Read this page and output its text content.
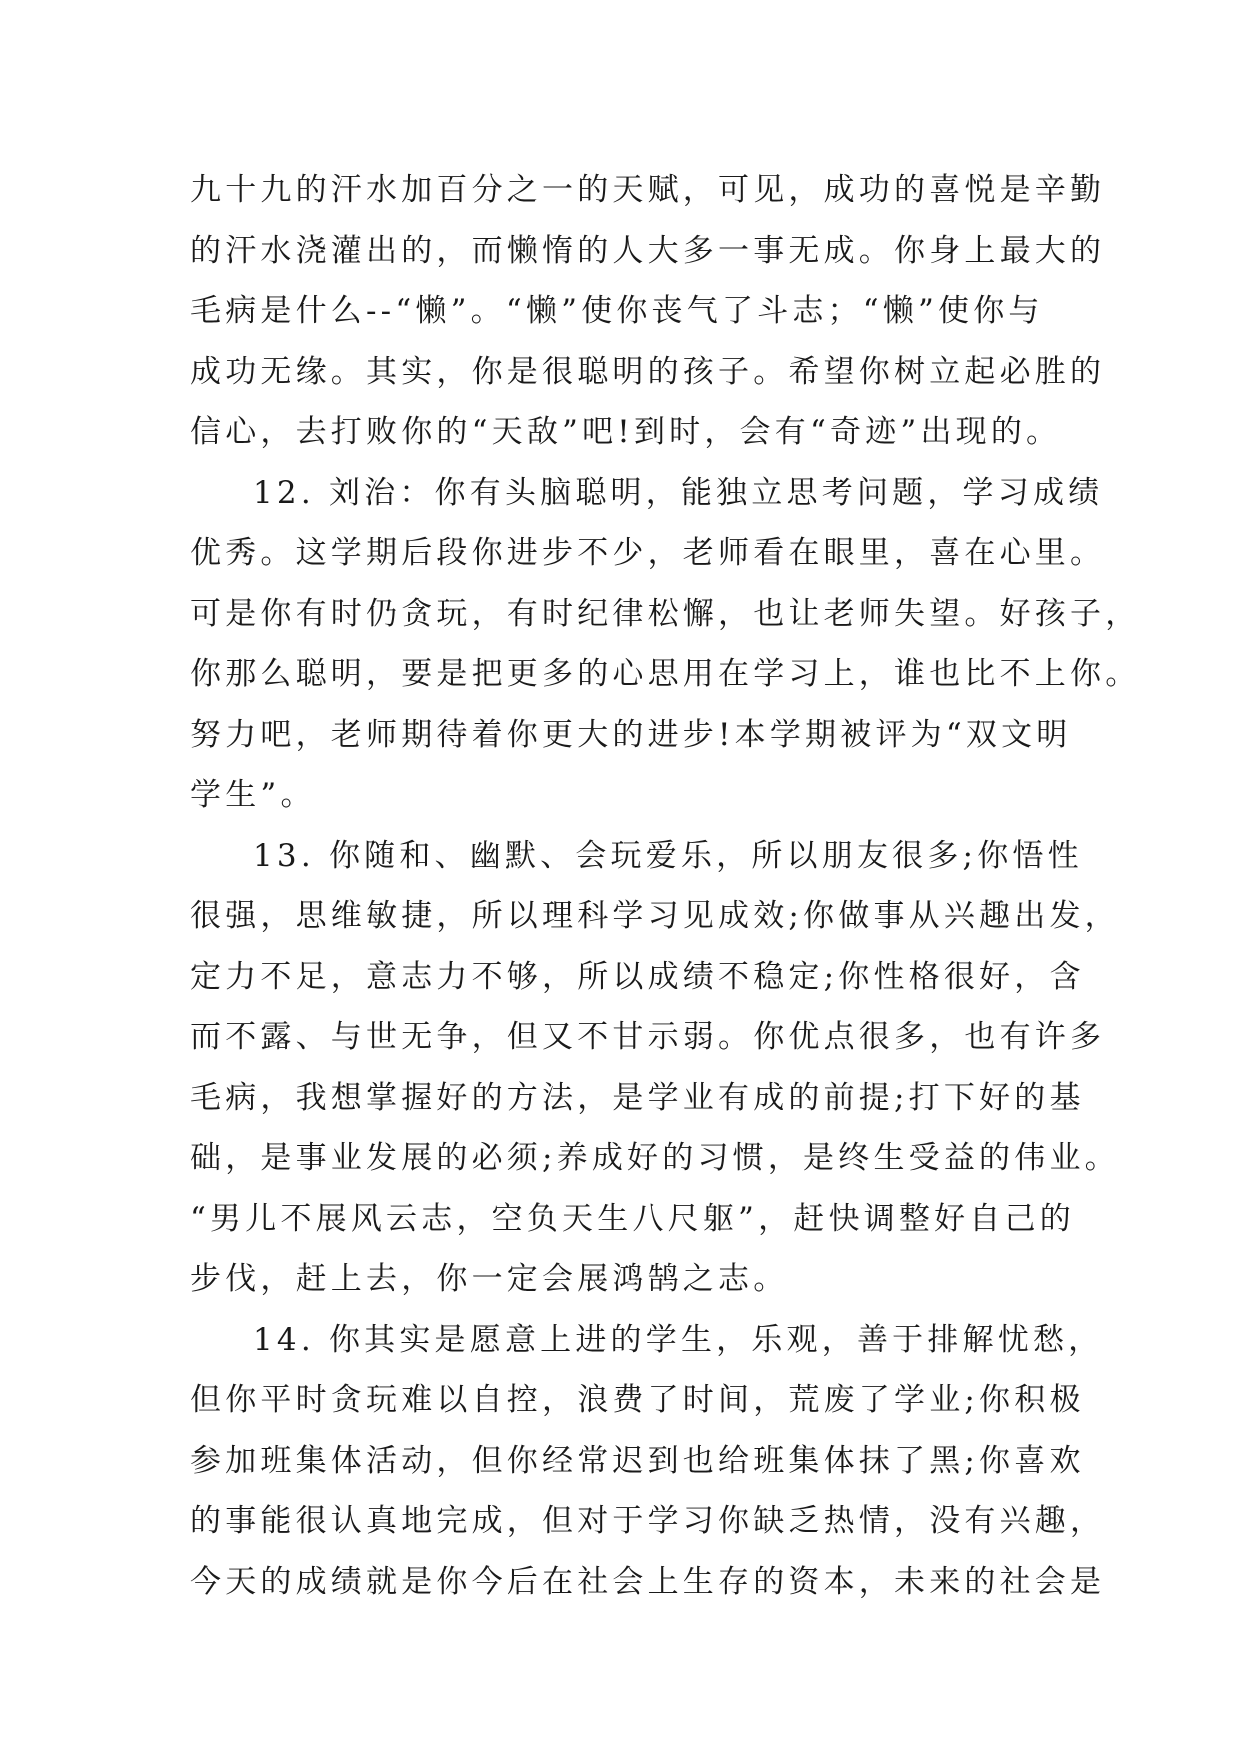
九十九的汗水加百分之一的天赋，可见，成功的喜悦是辛勤
的汗水浇灌出的，而懒惰的人大多一事无成。你身上最大的
毛病是什么--“懒”。“懒”使你丧气了斗志；“懒”使你与
成功无缘。其实，你是很聪明的孩子。希望你树立起必胜的
信心，去打败你的“天敌”吧!到时，会有“奇迹”出现的。
12. 刘治：你有头脑聪明，能独立思考问题，学习成绩
优秀。这学期后段你进步不少，老师看在眼里，喜在心里。
可是你有时仍贪玩，有时纪律松懈，也让老师失望。好孩子，
你那么聪明，要是把更多的心思用在学习上，谁也比不上你。
努力吧，老师期待着你更大的进步!本学期被评为“双文明
学生”。
13. 你随和、幽默、会玩爱乐，所以朋友很多;你悟性
很强，思维敏捷，所以理科学习见成效;你做事从兴趣出发，
定力不足，意志力不够，所以成绩不稳定;你性格很好，含
而不露、与世无争，但又不甘示弱。你优点很多，也有许多
毛病，我想掌握好的方法，是学业有成的前提;打下好的基
础，是事业发展的必须;养成好的习惯，是终生受益的伟业。
“男儿不展风云志，空负天生八尺躯”，赶快调整好自己的
步伐，赶上去，你一定会展鸿鹄之志。
14. 你其实是愿意上进的学生，乐观，善于排解忧愁，
但你平时贪玩难以自控，浪费了时间，荒废了学业;你积极
参加班集体活动，但你经常迟到也给班集体抹了黑;你喜欢
的事能很认真地完成，但对于学习你缺乏热情，没有兴趣，
今天的成绩就是你今后在社会上生存的资本，未来的社会是
